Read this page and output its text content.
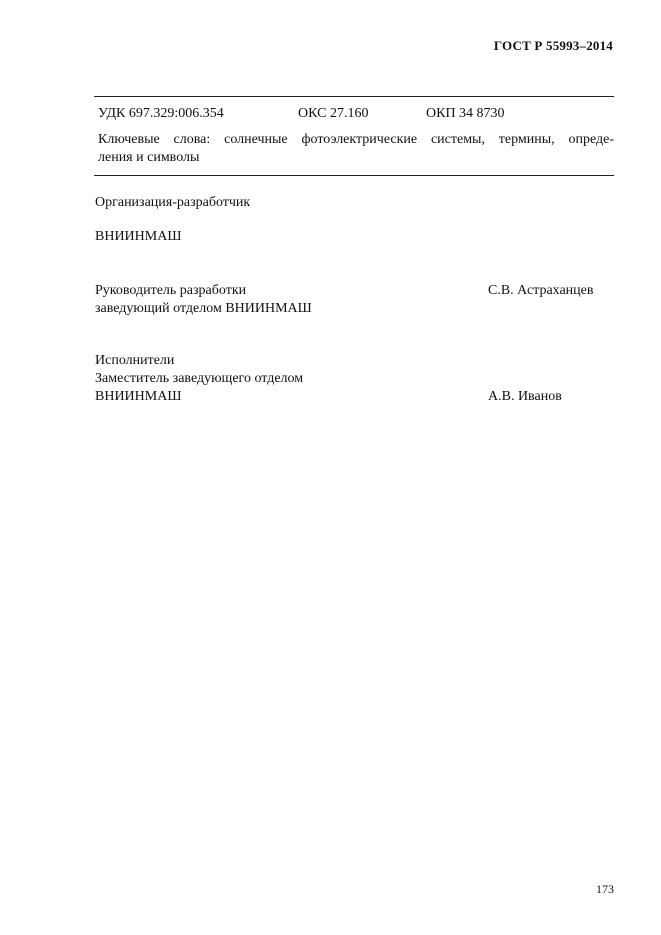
ГОСТ Р 55993–2014
УДК 697.329:006.354	ОКС 27.160	ОКП 34 8730
Ключевые слова: солнечные фотоэлектрические системы, термины, опреде-
ления и символы
Организация-разработчик
ВНИИНМАШ
Руководитель разработки
заведующий отделом ВНИИНМАШ
С.В. Астраханцев
Исполнители
Заместитель заведующего отделом
ВНИИНМАШ	А.В. Иванов
173
